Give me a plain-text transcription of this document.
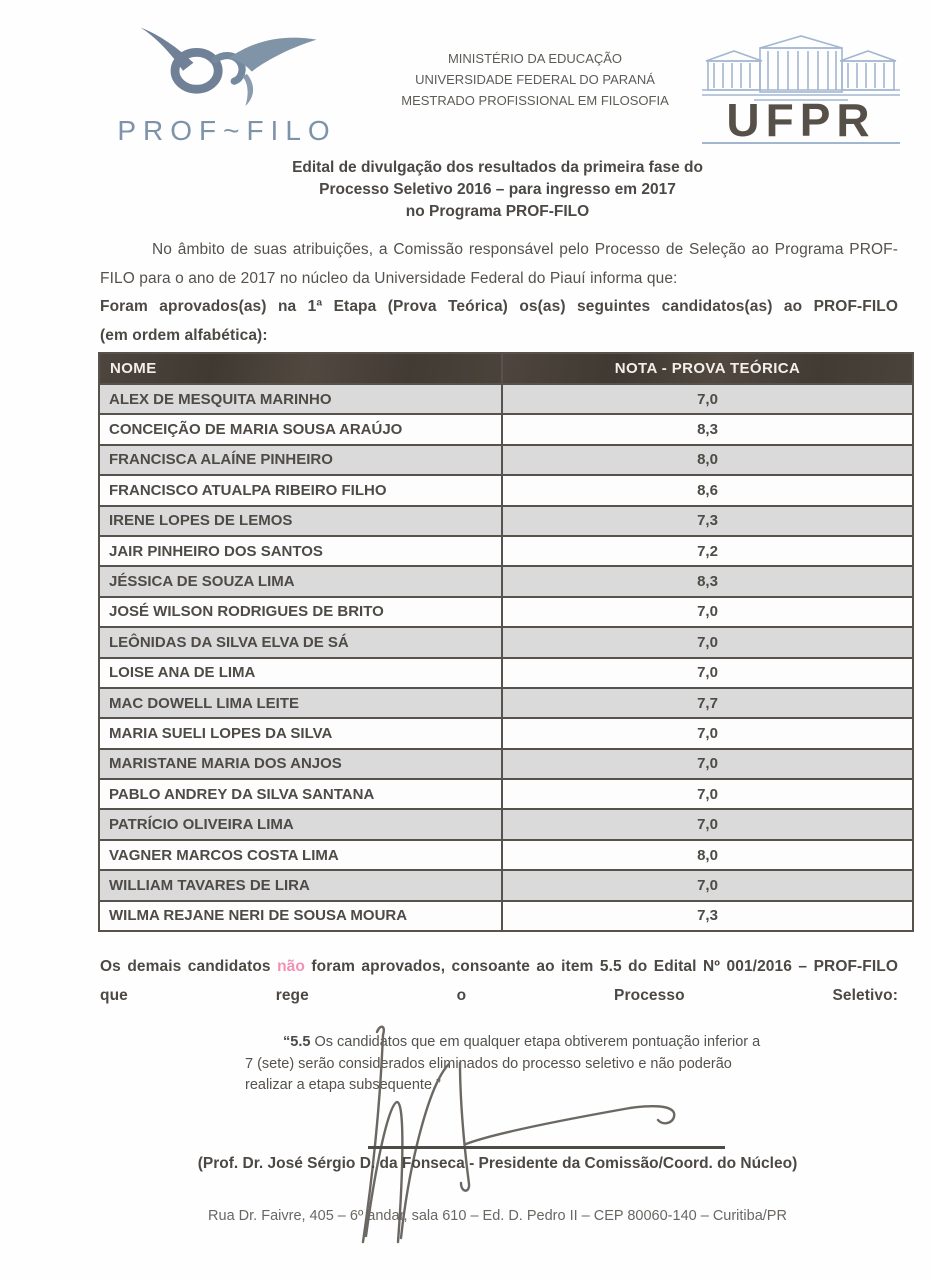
PROF~FILO
MINISTÉRIO DA EDUCAÇÃO
UNIVERSIDADE FEDERAL DO PARANÁ
MESTRADO PROFISSIONAL EM FILOSOFIA	UFPR
Edital de divulgação dos resultados da primeira fase do
Processo Seletivo 2016 – para ingresso em 2017
no Programa PROF-FILO
No âmbito de suas atribuições, a Comissão responsável pelo Processo de Seleção ao Programa PROF-FILO para o ano de 2017 no núcleo da Universidade Federal do Piauí informa que:
Foram aprovados(as) na 1ª Etapa (Prova Teórica) os(as) seguintes candidatos(as) ao PROF-FILO
(em ordem alfabética):
NOME	NOTA - PROVA TEÓRICA
ALEX DE MESQUITA MARINHO	7,0
CONCEIÇÃO DE MARIA SOUSA ARAÚJO	8,3
FRANCISCA ALAÍNE PINHEIRO	8,0
FRANCISCO ATUALPA RIBEIRO FILHO	8,6
IRENE LOPES DE LEMOS	7,3
JAIR PINHEIRO DOS SANTOS	7,2
JÉSSICA DE SOUZA LIMA	8,3
JOSÉ WILSON RODRIGUES DE BRITO	7,0
LEÔNIDAS DA SILVA ELVA DE SÁ	7,0
LOISE ANA DE LIMA	7,0
MAC DOWELL LIMA LEITE	7,7
MARIA SUELI LOPES DA SILVA	7,0
MARISTANE MARIA DOS ANJOS	7,0
PABLO ANDREY DA SILVA SANTANA	7,0
PATRÍCIO OLIVEIRA LIMA	7,0
VAGNER MARCOS COSTA LIMA	8,0
WILLIAM TAVARES DE LIRA	7,0
WILMA REJANE NERI DE SOUSA MOURA	7,3
Os demais candidatos não foram aprovados, consoante ao item 5.5 do Edital Nº 001/2016 – PROF-FILO que rege o Processo Seletivo:
“5.5 Os candidatos que em qualquer etapa obtiverem pontuação inferior a 7 (sete) serão considerados eliminados do processo seletivo e não poderão realizar a etapa subsequente.”
(Prof. Dr. José Sérgio D. da Fonseca - Presidente da Comissão/Coord. do Núcleo)
Rua Dr. Faivre, 405 – 6º andar, sala 610 – Ed. D. Pedro II – CEP 80060-140 – Curitiba/PR
